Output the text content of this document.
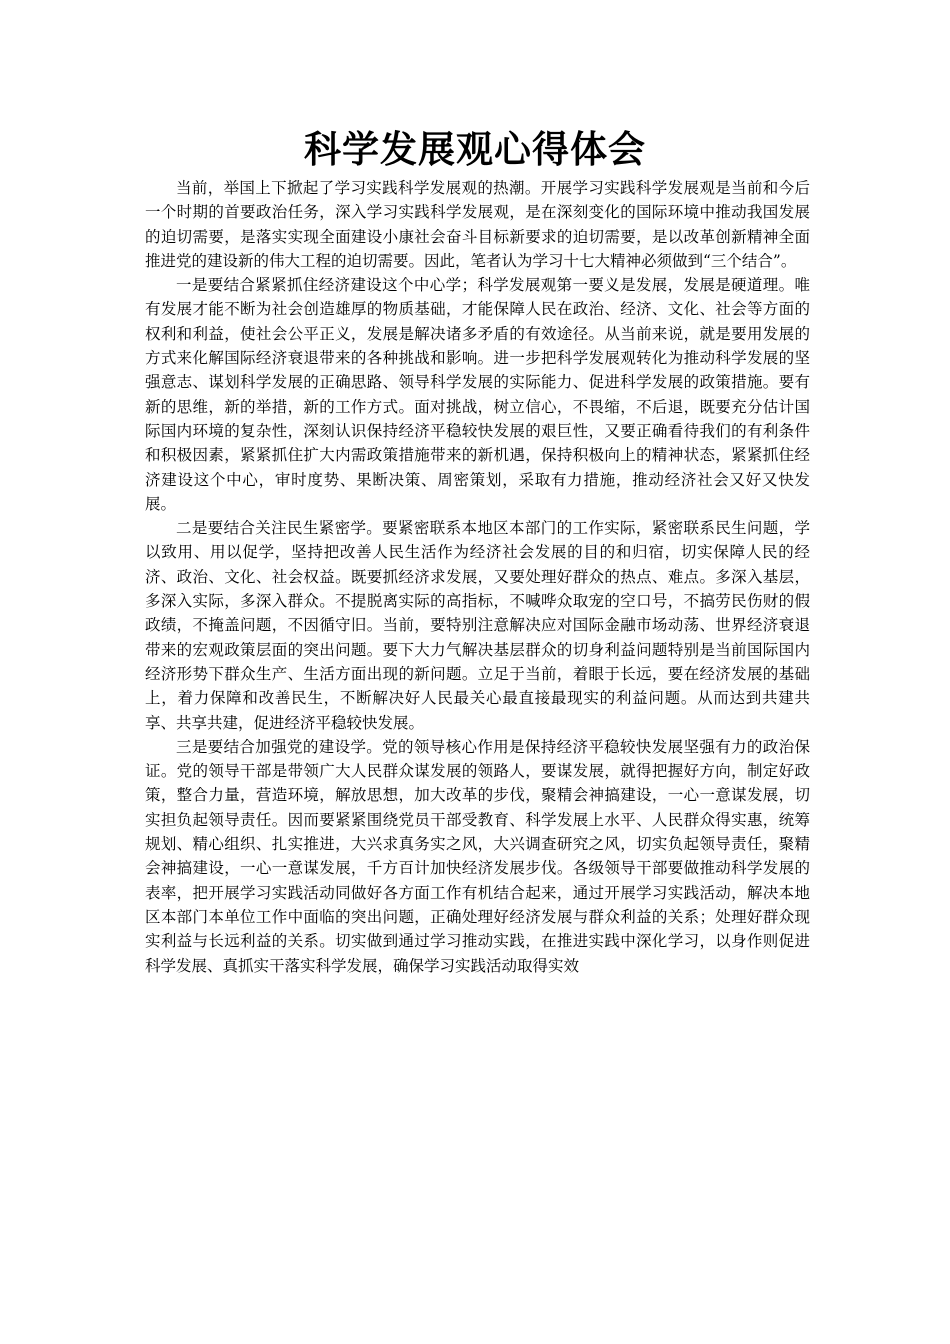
科学发展观心得体会

当前，举国上下掀起了学习实践科学发展观的热潮。开展学习实践科学发展观是当前和今后一个时期的首要政治任务，深入学习实践科学发展观，是在深刻变化的国际环境中推动我国发展的迫切需要，是落实实现全面建设小康社会奋斗目标新要求的迫切需要，是以改革创新精神全面推进党的建设新的伟大工程的迫切需要。因此，笔者认为学习十七大精神必须做到“三个结合”。

一是要结合紧紧抓住经济建设这个中心学；科学发展观第一要义是发展，发展是硬道理。唯有发展才能不断为社会创造雄厚的物质基础，才能保障人民在政治、经济、文化、社会等方面的权利和利益，使社会公平正义，发展是解决诸多矛盾的有效途径。从当前来说，就是要用发展的方式来化解国际经济衰退带来的各种挑战和影响。进一步把科学发展观转化为推动科学发展的坚强意志、谋划科学发展的正确思路、领导科学发展的实际能力、促进科学发展的政策措施。要有新的思维，新的举措，新的工作方式。面对挑战，树立信心，不畏缩，不后退，既要充分估计国际国内环境的复杂性，深刻认识保持经济平稳较快发展的艰巨性，又要正确看待我们的有利条件和积极因素，紧紧抓住扩大内需政策措施带来的新机遇，保持积极向上的精神状态，紧紧抓住经济建设这个中心，审时度势、果断决策、周密策划，采取有力措施，推动经济社会又好又快发展。

二是要结合关注民生紧密学。要紧密联系本地区本部门的工作实际，紧密联系民生问题，学以致用、用以促学，坚持把改善人民生活作为经济社会发展的目的和归宿，切实保障人民的经济、政治、文化、社会权益。既要抓经济求发展，又要处理好群众的热点、难点。多深入基层，多深入实际，多深入群众。不提脱离实际的高指标，不喊哗众取宠的空口号，不搞劳民伤财的假政绩，不掩盖问题，不因循守旧。当前，要特别注意解决应对国际金融市场动荡、世界经济衰退带来的宏观政策层面的突出问题。要下大力气解决基层群众的切身利益问题特别是当前国际国内经济形势下群众生产、生活方面出现的新问题。立足于当前，着眼于长远，要在经济发展的基础上，着力保障和改善民生，不断解决好人民最关心最直接最现实的利益问题。从而达到共建共享、共享共建，促进经济平稳较快发展。

三是要结合加强党的建设学。党的领导核心作用是保持经济平稳较快发展坚强有力的政治保证。党的领导干部是带领广大人民群众谋发展的领路人，要谋发展，就得把握好方向，制定好政策，整合力量，营造环境，解放思想，加大改革的步伐，聚精会神搞建设，一心一意谋发展，切实担负起领导责任。因而要紧紧围绕党员干部受教育、科学发展上水平、人民群众得实惠，统筹规划、精心组织、扎实推进，大兴求真务实之风，大兴调查研究之风，切实负起领导责任，聚精会神搞建设，一心一意谋发展，千方百计加快经济发展步伐。各级领导干部要做推动科学发展的表率，把开展学习实践活动同做好各方面工作有机结合起来，通过开展学习实践活动，解决本地区本部门本单位工作中面临的突出问题，正确处理好经济发展与群众利益的关系；处理好群众现实利益与长远利益的关系。切实做到通过学习推动实践，在推进实践中深化学习，以身作则促进科学发展、真抓实干落实科学发展，确保学习实践活动取得实效
